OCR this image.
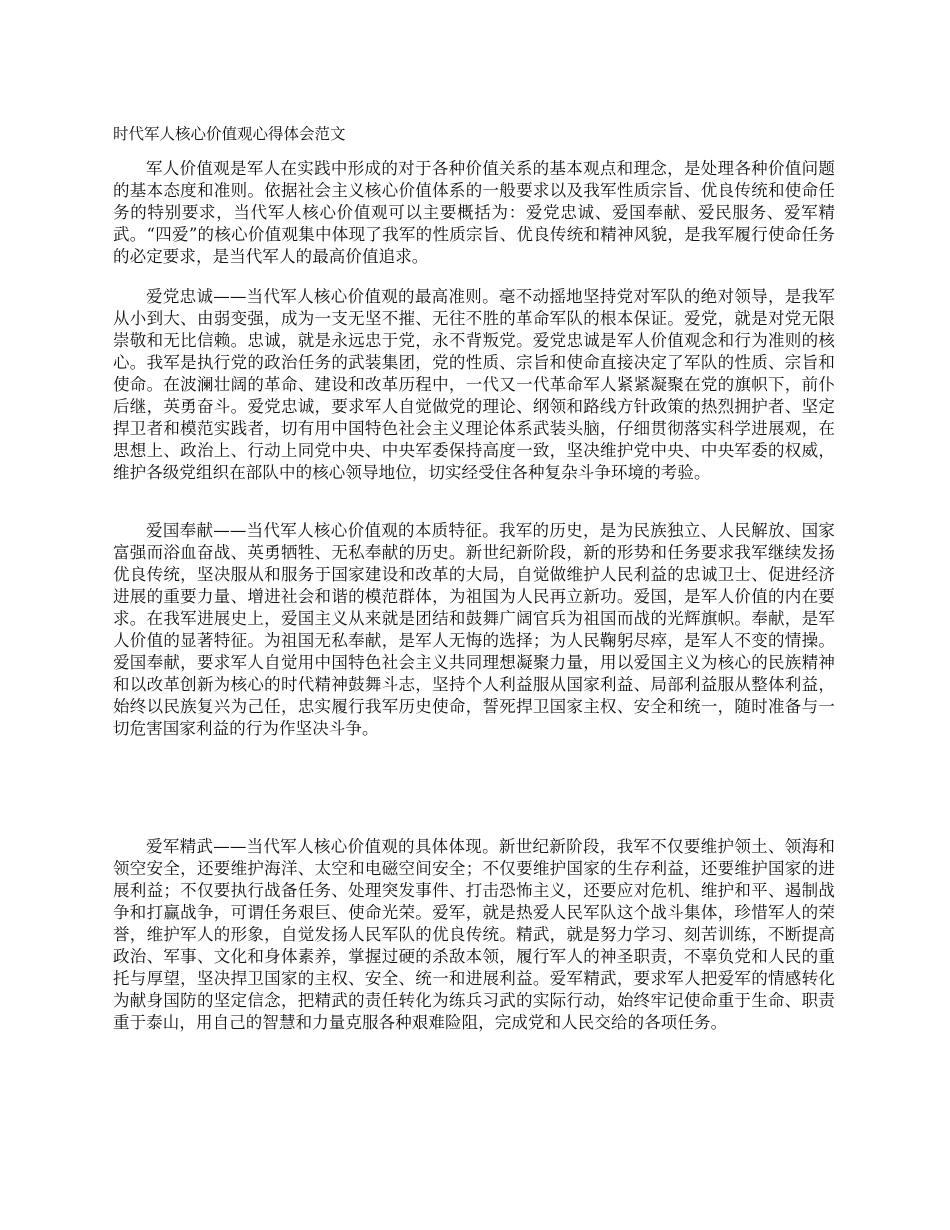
时代军人核心价值观心得体会范文

军人价值观是军人在实践中形成的对于各种价值关系的基本观点和理念，是处理各种价值问题的基本态度和准则。依据社会主义核心价值体系的一般要求以及我军性质宗旨、优良传统和使命任务的特别要求，当代军人核心价值观可以主要概括为：爱党忠诚、爱国奉献、爱民服务、爱军精武。“四爱”的核心价值观集中体现了我军的性质宗旨、优良传统和精神风貌，是我军履行使命任务的必定要求，是当代军人的最高价值追求。

爱党忠诚——当代军人核心价值观的最高准则。毫不动摇地坚持党对军队的绝对领导，是我军从小到大、由弱变强，成为一支无坚不摧、无往不胜的革命军队的根本保证。爱党，就是对党无限崇敬和无比信赖。忠诚，就是永远忠于党，永不背叛党。爱党忠诚是军人价值观念和行为准则的核心。我军是执行党的政治任务的武装集团，党的性质、宗旨和使命直接决定了军队的性质、宗旨和使命。在波澜壮阔的革命、建设和改革历程中，一代又一代革命军人紧紧凝聚在党的旗帜下，前仆后继，英勇奋斗。爱党忠诚，要求军人自觉做党的理论、纲领和路线方针政策的热烈拥护者、坚定捍卫者和模范实践者，切有用中国特色社会主义理论体系武装头脑，仔细贯彻落实科学进展观，在思想上、政治上、行动上同党中央、中央军委保持高度一致，坚决维护党中央、中央军委的权威，维护各级党组织在部队中的核心领导地位，切实经受住各种复杂斗争环境的考验。

爱国奉献——当代军人核心价值观的本质特征。我军的历史，是为民族独立、人民解放、国家富强而浴血奋战、英勇牺牲、无私奉献的历史。新世纪新阶段，新的形势和任务要求我军继续发扬优良传统，坚决服从和服务于国家建设和改革的大局，自觉做维护人民利益的忠诚卫士、促进经济进展的重要力量、增进社会和谐的模范群体，为祖国为人民再立新功。爱国，是军人价值的内在要求。在我军进展史上，爱国主义从来就是团结和鼓舞广阔官兵为祖国而战的光辉旗帜。奉献，是军人价值的显著特征。为祖国无私奉献，是军人无悔的选择；为人民鞠躬尽瘁，是军人不变的情操。爱国奉献，要求军人自觉用中国特色社会主义共同理想凝聚力量，用以爱国主义为核心的民族精神和以改革创新为核心的时代精神鼓舞斗志，坚持个人利益服从国家利益、局部利益服从整体利益，始终以民族复兴为己任，忠实履行我军历史使命，誓死捍卫国家主权、安全和统一，随时准备与一切危害国家利益的行为作坚决斗争。

爱军精武——当代军人核心价值观的具体体现。新世纪新阶段，我军不仅要维护领土、领海和领空安全，还要维护海洋、太空和电磁空间安全；不仅要维护国家的生存利益，还要维护国家的进展利益；不仅要执行战备任务、处理突发事件、打击恐怖主义，还要应对危机、维护和平、遏制战争和打赢战争，可谓任务艰巨、使命光荣。爱军，就是热爱人民军队这个战斗集体，珍惜军人的荣誉，维护军人的形象，自觉发扬人民军队的优良传统。精武，就是努力学习、刻苦训练，不断提高政治、军事、文化和身体素养，掌握过硬的杀敌本领，履行军人的神圣职责，不辜负党和人民的重托与厚望，坚决捍卫国家的主权、安全、统一和进展利益。爱军精武，要求军人把爱军的情感转化为献身国防的坚定信念，把精武的责任转化为练兵习武的实际行动，始终牢记使命重于生命、职责重于泰山，用自己的智慧和力量克服各种艰难险阻，完成党和人民交给的各项任务。
